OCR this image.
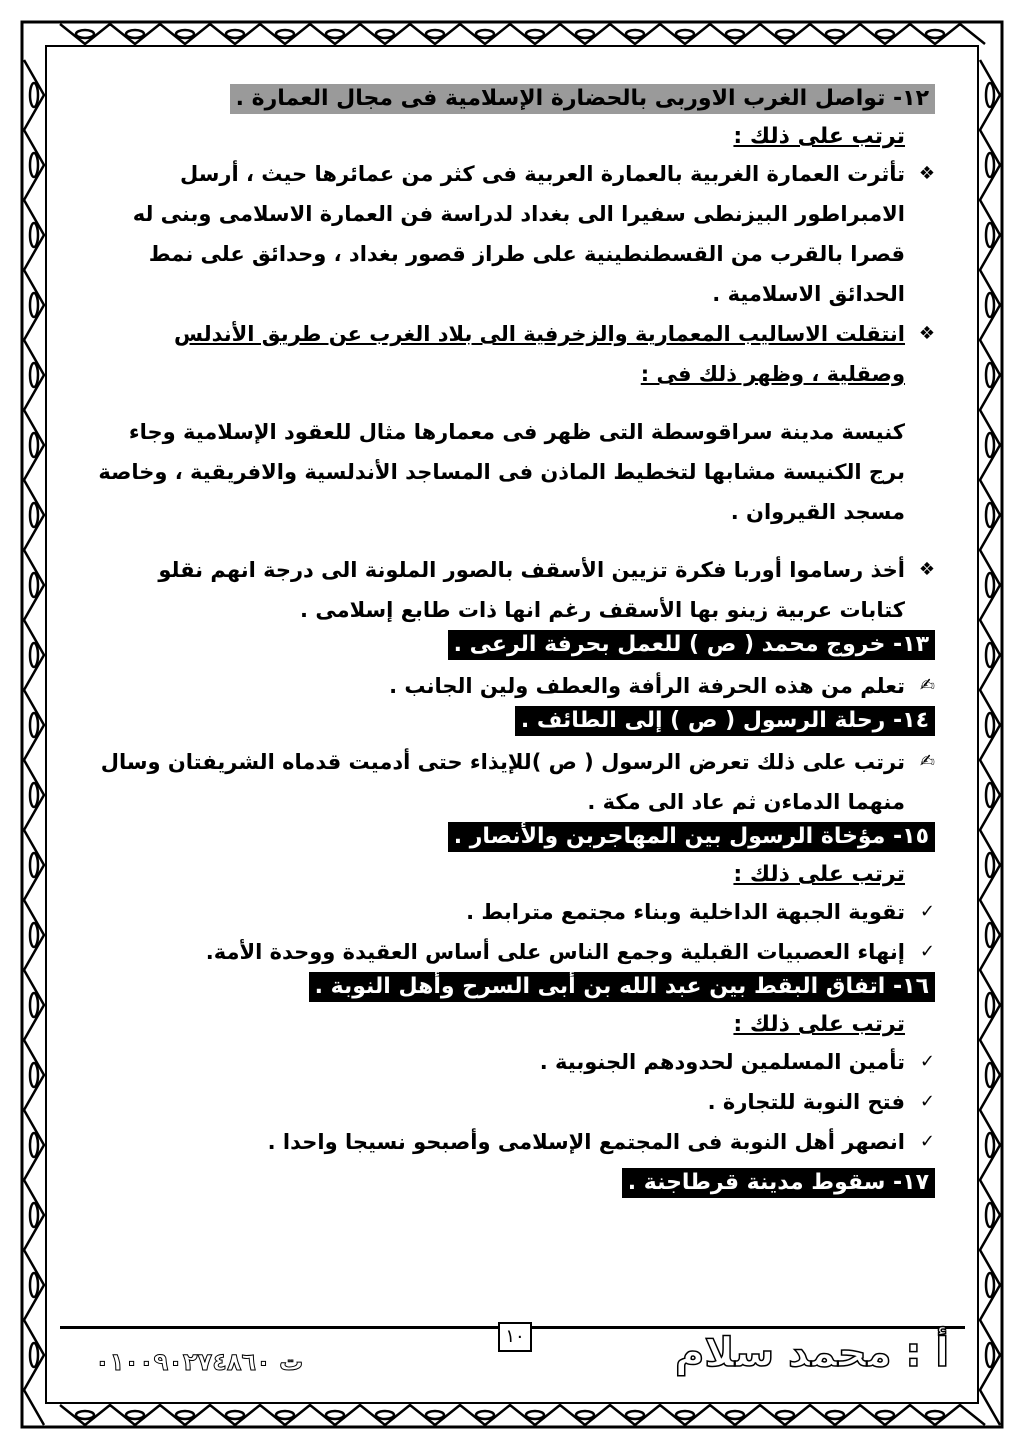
١٢- تواصل الغرب الاوربى بالحضارة الإسلامية فى مجال العمارة .
ترتب على ذلك :
❖
تأثرت العمارة الغربية بالعمارة العربية فى كثر من عمائرها حيث ، أرسل الامبراطور البيزنطى سفيرا الى بغداد لدراسة فن العمارة الاسلامى وبنى له قصرا بالقرب من القسطنطينية على طراز قصور بغداد ، وحدائق على نمط الحدائق الاسلامية .
❖
انتقلت الاساليب المعمارية والزخرفية الى بلاد الغرب عن طريق الأندلس وصقلية ، وظهر ذلك فى :
كنيسة مدينة سراقوسطة التى ظهر فى معمارها مثال للعقود الإسلامية وجاء برج الكنيسة مشابها لتخطيط الماذن فى المساجد الأندلسية والافريقية ، وخاصة مسجد القيروان .
❖
أخذ رساموا أوربا فكرة تزيين الأسقف بالصور الملونة الى درجة انهم نقلو كتابات عربية زينو بها الأسقف رغم انها ذات طابع إسلامى .
١٣- خروج محمد ( ص ) للعمل بحرفة الرعى .
✍
تعلم من هذه الحرفة الرأفة والعطف ولين الجانب .
١٤- رحلة الرسول ( ص ) إلى الطائف .
✍
ترتب على ذلك تعرض الرسول ( ص )للإيذاء حتى أدميت قدماه الشريفتان وسال منهما الدماءن ثم عاد الى مكة .
١٥- مؤخاة الرسول بين المهاجربن والأنصار .
ترتب على ذلك :
✓
تقوية الجبهة الداخلية وبناء مجتمع مترابط .
✓
إنهاء العصبيات القبلية وجمع الناس على أساس العقيدة ووحدة الأمة.
١٦- اتفاق البقط بين عبد الله بن أبى السرح وأهل النوبة .
ترتب على ذلك :
✓
تأمين المسلمين لحدودهم الجنوبية .
✓
فتح النوبة للتجارة .
✓
انصهر أهل النوبة فى المجتمع الإسلامى وأصبحو نسيجا واحدا .
١٧- سقوط مدينة قرطاجنة .
ت ٠١٠٠٩٠٢٧٤٨٦٠
١٠	أ : محمد سلام
